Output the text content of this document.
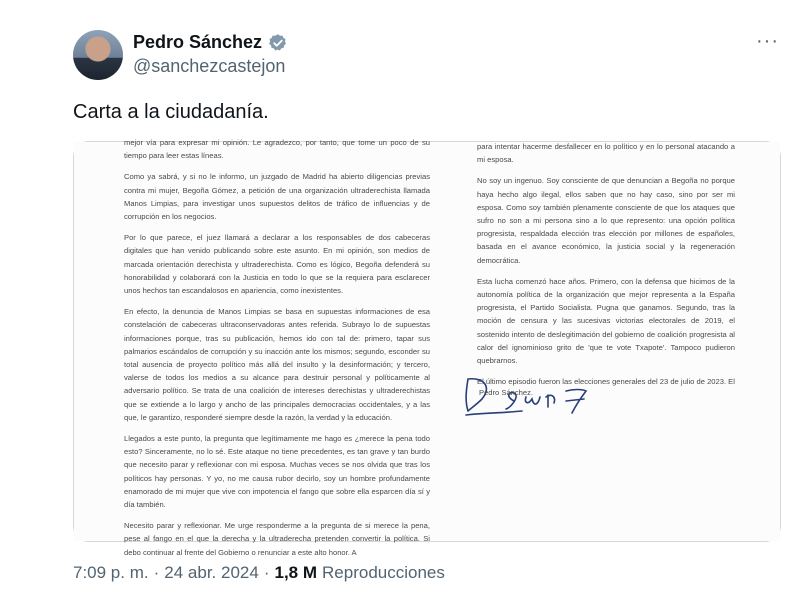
Pedro Sánchez
@sanchezcastejon
···
Carta a la ciudadanía.

mejor vía para expresar mi opinión. Le agradezco, por tanto, que tome un poco de su tiempo para leer estas líneas.

Como ya sabrá, y si no le informo, un juzgado de Madrid ha abierto diligencias previas contra mi mujer, Begoña Gómez, a petición de una organización ultraderechista llamada Manos Limpias, para investigar unos supuestos delitos de tráfico de influencias y de corrupción en los negocios.

Por lo que parece, el juez llamará a declarar a los responsables de dos cabeceras digitales que han venido publicando sobre este asunto. En mi opinión, son medios de marcada orientación derechista y ultraderechista. Como es lógico, Begoña defenderá su honorabilidad y colaborará con la Justicia en todo lo que se la requiera para esclarecer unos hechos tan escandalosos en apariencia, como inexistentes.

En efecto, la denuncia de Manos Limpias se basa en supuestas informaciones de esa constelación de cabeceras ultraconservadoras antes referida. Subrayo lo de supuestas informaciones porque, tras su publicación, hemos ido con tal de: primero, tapar sus palmarios escándalos de corrupción y su inacción ante los mismos; segundo, esconder su total ausencia de proyecto político más allá del insulto y la desinformación; y tercero, valerse de todos los medios a su alcance para destruir personal y políticamente al adversario político. Se trata de una coalición de intereses derechistas y ultraderechistas que se extiende a lo largo y ancho de las principales democracias occidentales, y a las que, le garantizo, responderé siempre desde la razón, la verdad y la educación.

Llegados a este punto, la pregunta que legítimamente me hago es ¿merece la pena todo esto? Sinceramente, no lo sé. Este ataque no tiene precedentes, es tan grave y tan burdo que necesito parar y reflexionar con mi esposa. Muchas veces se nos olvida que tras los políticos hay personas. Y yo, no me causa rubor decirlo, soy un hombre profundamente enamorado de mi mujer que vive con impotencia el fango que sobre ella esparcen día sí y día también.

Necesito parar y reflexionar. Me urge responderme a la pregunta de si merece la pena, pese al fango en el que la derecha y la ultraderecha pretenden convertir la política. Si debo continuar al frente del Gobierno o renunciar a este alto honor. A

para intentar hacerme desfallecer en lo político y en lo personal atacando a mi esposa.

No soy un ingenuo. Soy consciente de que denuncian a Begoña no porque haya hecho algo ilegal, ellos saben que no hay caso, sino por ser mi esposa. Como soy también plenamente consciente de que los ataques que sufro no son a mi persona sino a lo que represento: una opción política progresista, respaldada elección tras elección por millones de españoles, basada en el avance económico, la justicia social y la regeneración democrática.

Esta lucha comenzó hace años. Primero, con la defensa que hicimos de la autonomía política de la organización que mejor representa a la España progresista, el Partido Socialista. Pugna que ganamos. Segundo, tras la moción de censura y las sucesivas victorias electorales de 2019, el sostenido intento de deslegitimación del gobierno de coalición progresista al calor del ignominioso grito de 'que te vote Txapote'. Tampoco pudieron quebrarnos.

El último episodio fueron las elecciones generales del 23 de julio de 2023. El

Pedro Sánchez.
7:09 p. m. · 24 abr. 2024 · 1,8 M Reproducciones
